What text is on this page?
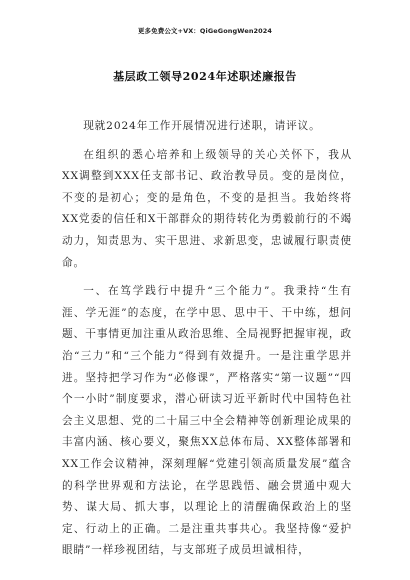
更多免费公文+VX：QiGeGongWen2024
基层政工领导2024年述职述廉报告

现就2024年工作开展情况进行述职，请评议。

在组织的悉心培养和上级领导的关心关怀下，我从XX调整到XXX任支部书记、政治教导员。变的是岗位，不变的是初心；变的是角色，不变的是担当。我始终将XX党委的信任和X干部群众的期待转化为勇毅前行的不竭动力，知责思为、实干思进、求新思变，忠诚履行职责使命。

一、在笃学践行中提升“三个能力”。我秉持“生有涯、学无涯”的态度，在学中思、思中干、干中练，想问题、干事情更加注重从政治思维、全局视野把握审视，政治“三力”和“三个能力”得到有效提升。一是注重学思并进。坚持把学习作为“必修课”，严格落实“第一议题”“四个一小时”制度要求，潜心研读习近平新时代中国特色社会主义思想、党的二十届三中全会精神等创新理论成果的丰富内涵、核心要义，聚焦XX总体布局、XX整体部署和XX工作会议精神，深刻理解“党建引领高质量发展”蕴含的科学世界观和方法论，在学思践悟、融会贯通中观大势、谋大局、抓大事，以理论上的清醒确保政治上的坚定、行动上的正确。二是注重共事共心。我坚持像“爱护眼睛”一样珍视团结，与支部班子成员坦诚相待，
